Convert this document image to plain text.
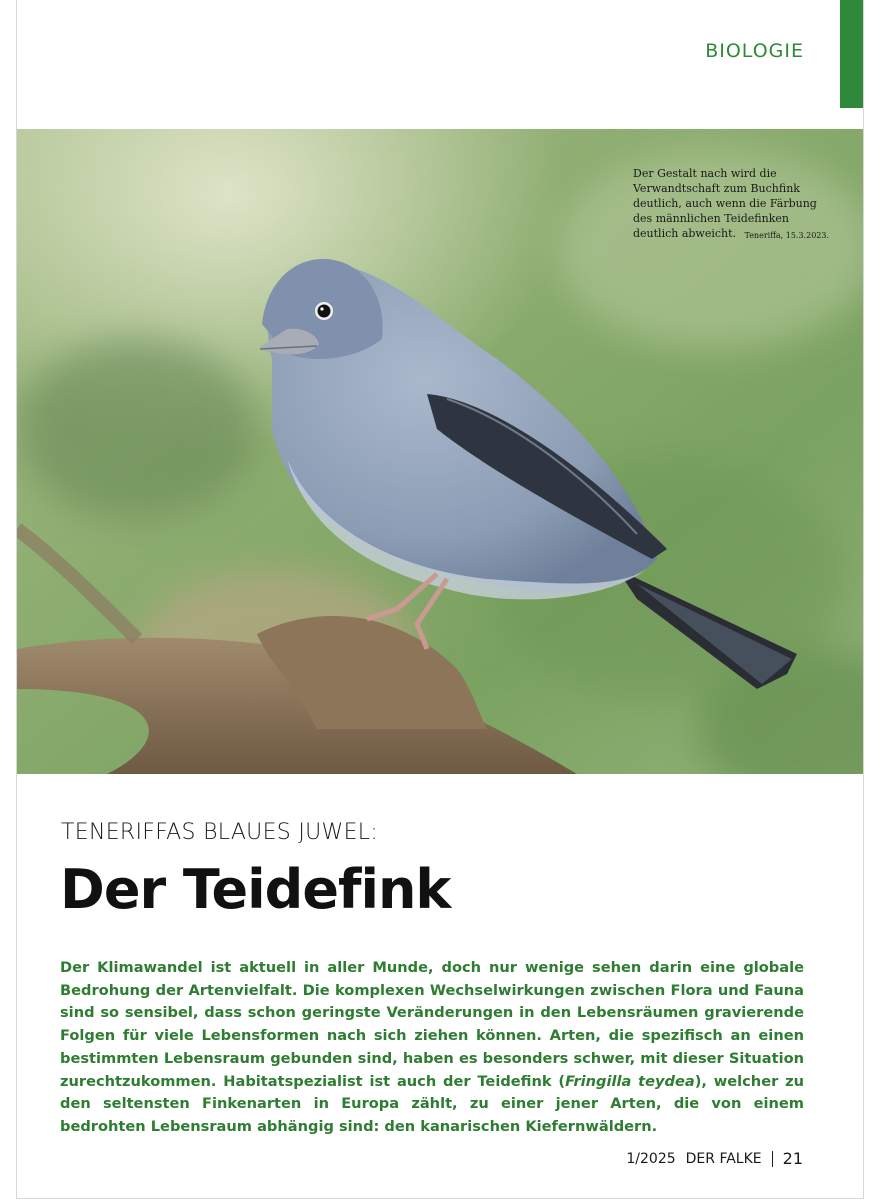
BIOLOGIE
Der Gestalt nach wird die Verwandtschaft zum Buchfink deutlich, auch wenn die Färbung des männlichen Teidefinken deutlich abweicht. Teneriffa, 15.3.2023.
TENERIFFAS BLAUES JUWEL:
Der Teidefink
Der Klimawandel ist aktuell in aller Munde, doch nur wenige sehen darin eine globale Bedrohung der Artenvielfalt. Die komplexen Wechselwirkungen zwischen Flora und Fauna sind so sensibel, dass schon geringste Veränderungen in den Lebensräumen gravierende Folgen für viele Lebensformen nach sich ziehen können. Arten, die spezifisch an einen bestimmten Lebensraum gebunden sind, haben es besonders schwer, mit dieser Situation zurechtzukommen. Habitatspezialist ist auch der Teidefink (Fringilla teydea), welcher zu den seltensten Finkenarten in Europa zählt, zu einer jener Arten, die von einem bedrohten Lebensraum abhängig sind: den kanarischen Kiefernwäldern.
1/2025 DER FALKE 21
